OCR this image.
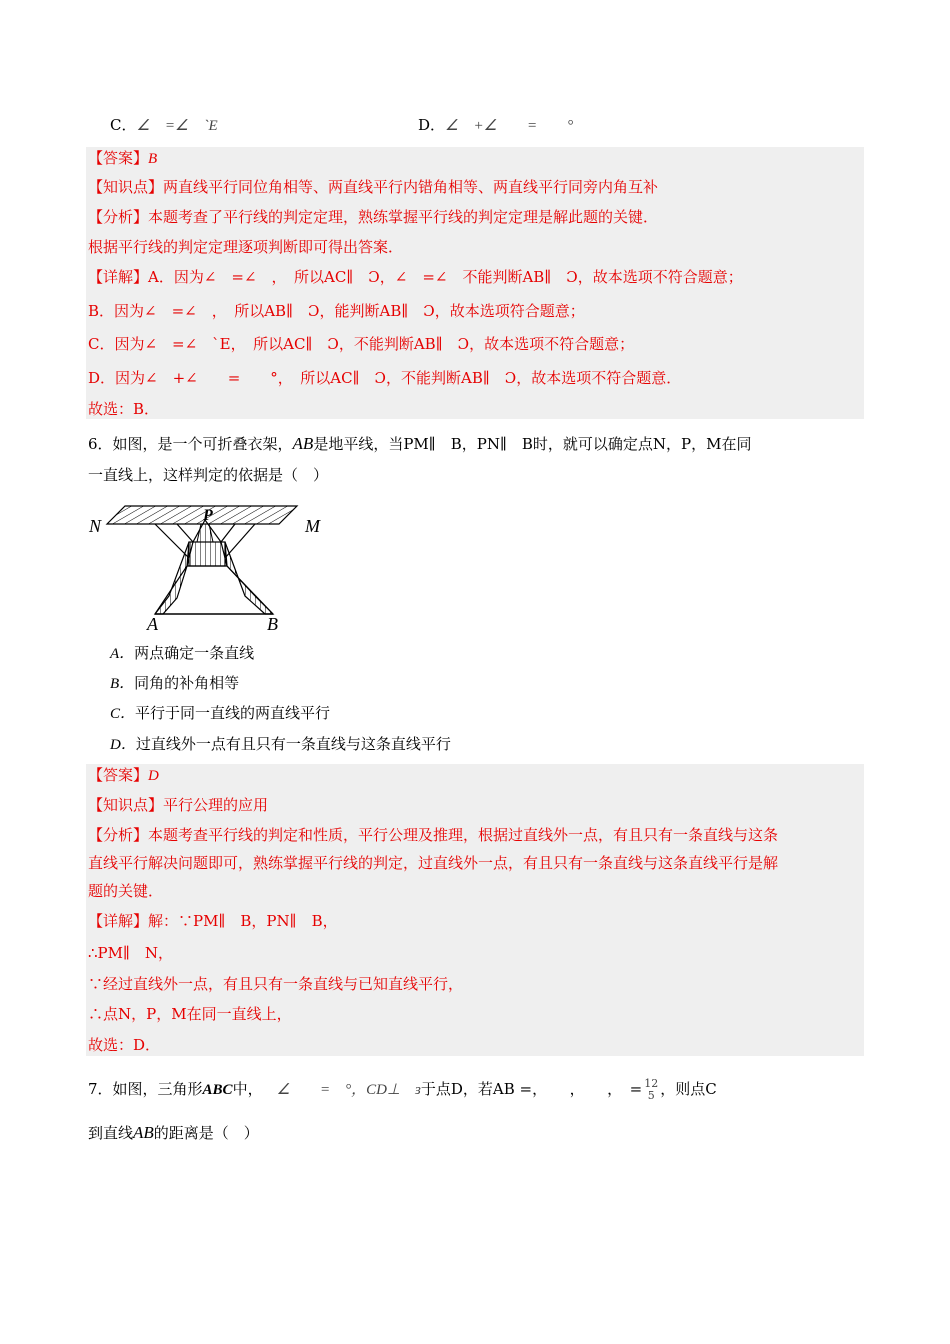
C．∠　=∠　`E	D．∠　+∠　　=　　°
【答案】B
【知识点】两直线平行同位角相等、两直线平行内错角相等、两直线平行同旁内角互补
【分析】本题考查了平行线的判定定理，熟练掌握平行线的判定定理是解此题的关键．
根据平行线的判定定理逐项判断即可得出答案．
【详解】A．因为∠　=∠　，　所以AC∥　Ɔ，∠　=∠　不能判断AB∥　Ɔ，故本选项不符合题意；
B．因为∠　=∠　，　所以AB∥　Ɔ，能判断AB∥　Ɔ，故本选项符合题意；
C．因为∠　=∠　`E，　所以AC∥　Ɔ，不能判断AB∥　Ɔ，故本选项不符合题意；
D．因为∠　+∠　　=　　°，　所以AC∥　Ɔ，不能判断AB∥　Ɔ，故本选项不符合题意．
故选：B．
6．如图，是一个可折叠衣架，AB是地平线，当PM∥　B，PN∥　B时，就可以确定点N，P，M在同
一直线上，这样判定的依据是（　）
N
P
M
A	B
A．两点确定一条直线
B．同角的补角相等
C．平行于同一直线的两直线平行
D．过直线外一点有且只有一条直线与这条直线平行
【答案】D
【知识点】平行公理的应用
【分析】本题考查平行线的判定和性质，平行公理及推理，根据过直线外一点，有且只有一条直线与这条
直线平行解决问题即可，熟练掌握平行线的判定，过直线外一点，有且只有一条直线与这条直线平行是解
题的关键．
【详解】解：∵PM∥　B，PN∥　B，
∴PM∥　N，
∵经过直线外一点，有且只有一条直线与已知直线平行，
∴点N，P，M在同一直线上，
故选：D．
7．如图，三角形ABC中， ∠　　=　°，CD⊥　ɜ于点D，若AB =，　　，　　，　= 12
5 ，则点C
到直线AB的距离是（　）
